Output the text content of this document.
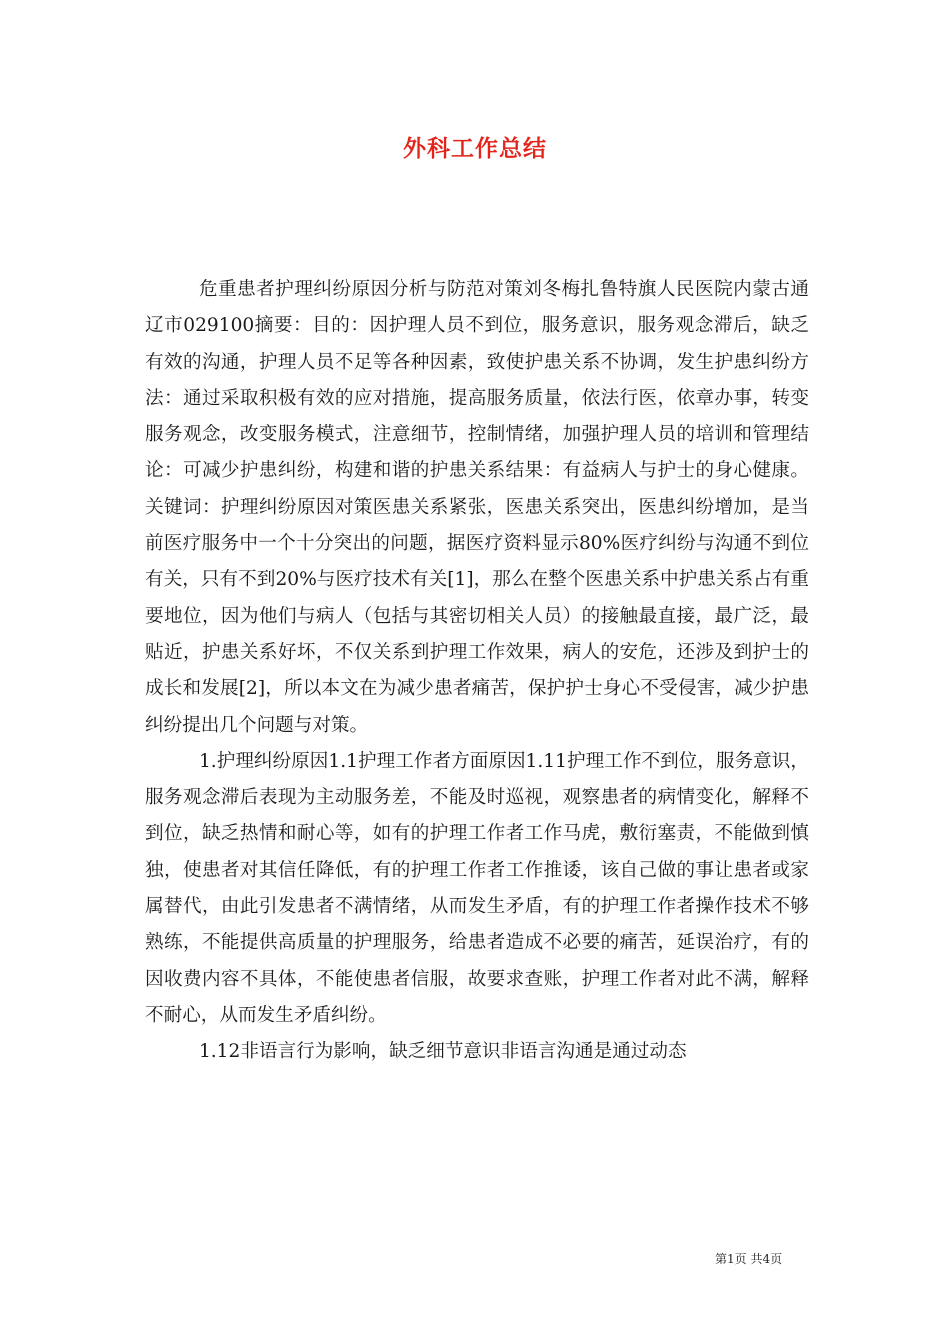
外科工作总结

危重患者护理纠纷原因分析与防范对策刘冬梅扎鲁特旗人民医院内蒙古通辽市029100摘要：目的：因护理人员不到位，服务意识，服务观念滞后，缺乏有效的沟通，护理人员不足等各种因素，致使护患关系不协调，发生护患纠纷方法：通过采取积极有效的应对措施，提高服务质量，依法行医，依章办事，转变服务观念，改变服务模式，注意细节，控制情绪，加强护理人员的培训和管理结论：可减少护患纠纷，构建和谐的护患关系结果：有益病人与护士的身心健康。关键词：护理纠纷原因对策医患关系紧张，医患关系突出，医患纠纷增加，是当前医疗服务中一个十分突出的问题，据医疗资料显示80%医疗纠纷与沟通不到位有关，只有不到20%与医疗技术有关[1]，那么在整个医患关系中护患关系占有重要地位，因为他们与病人（包括与其密切相关人员）的接触最直接，最广泛，最贴近，护患关系好坏，不仅关系到护理工作效果，病人的安危，还涉及到护士的成长和发展[2]，所以本文在为减少患者痛苦，保护护士身心不受侵害，减少护患纠纷提出几个问题与对策。

1.护理纠纷原因1.1护理工作者方面原因1.11护理工作不到位，服务意识，服务观念滞后表现为主动服务差，不能及时巡视，观察患者的病情变化，解释不到位，缺乏热情和耐心等，如有的护理工作者工作马虎，敷衍塞责，不能做到慎独，使患者对其信任降低，有的护理工作者工作推诿，该自己做的事让患者或家属替代，由此引发患者不满情绪，从而发生矛盾，有的护理工作者操作技术不够熟练，不能提供高质量的护理服务，给患者造成不必要的痛苦，延误治疗，有的因收费内容不具体，不能使患者信服，故要求查账，护理工作者对此不满，解释不耐心，从而发生矛盾纠纷。

1.12非语言行为影响，缺乏细节意识非语言沟通是通过动态

第1页 共4页
